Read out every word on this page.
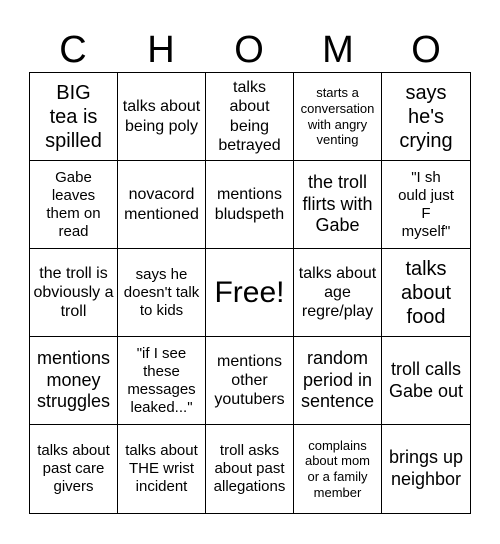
C	H	O	M	O
BIG tea is spilled
talks about being poly
talks about being betrayed
starts a conversation with angry venting
says he's crying
Gabe leaves them on read
novacord mentioned
mentions bludspeth
the troll flirts with Gabe
"I sh ould just F myself"
the troll is obviously a troll
says he doesn't talk to kids
Free!
talks about age regre/play
talks about food
mentions money struggles
"if I see these messages leaked..."
mentions other youtubers
random period in sentence
troll calls Gabe out
talks about past care givers
talks about THE wrist incident
troll asks about past allegations
complains about mom or a family member
brings up neighbor
